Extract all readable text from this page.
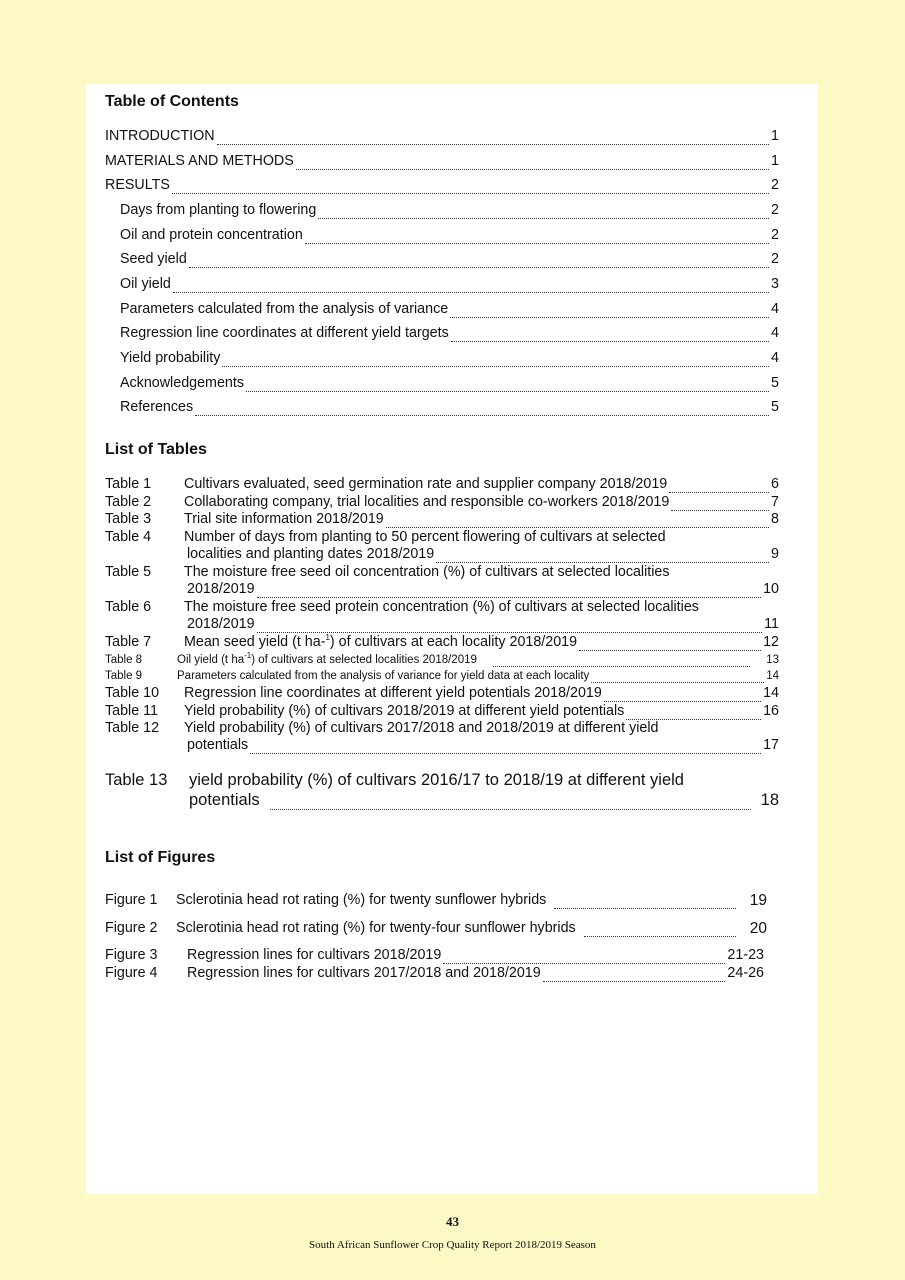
Table of Contents
INTRODUCTION	1
MATERIALS AND METHODS	1
RESULTS	2
Days from planting to flowering	2
Oil and protein concentration	2
Seed yield	2
Oil yield	3
Parameters calculated from the analysis of variance	4
Regression line coordinates at different yield targets	4
Yield probability	4
Acknowledgements	5
References	5
List of Tables
Table 1	Cultivars evaluated, seed germination rate and supplier company 2018/2019	6
Table 2	Collaborating company, trial localities and responsible co-workers 2018/2019	7
Table 3	Trial site information 2018/2019	8
Table 4	Number of days from planting to 50 percent flowering of cultivars at selected
localities and planting dates 2018/2019	9
Table 5	The moisture free seed oil concentration (%) of cultivars at selected localities
2018/2019	10
Table 6	The moisture free seed protein concentration (%) of cultivars at selected localities
2018/2019	11
Table 7	Mean seed yield (t ha-$^1$) of cultivars at each locality 2018/2019	12
Table 8	Oil yield (t $ha^{-1}$) of cultivars at selected localities 2018/2019	13
Table 9	Parameters calculated from the analysis of variance for yield data at each locality	14
Table 10	Regression line coordinates at different yield potentials 2018/2019	14
Table 11	Yield probability (%) of cultivars 2018/2019 at different yield potentials	16
Table 12	Yield probability (%) of cultivars 2017/2018 and 2018/2019 at different yield
potentials	17
Table 13	yield probability (%) of cultivars 2016/17 to 2018/19 at different yield
potentials	18
List of Figures
Figure 1	Sclerotinia head rot rating (%) for twenty sunflower hybrids	19
Figure 2	Sclerotinia head rot rating (%) for twenty-four sunflower hybrids	20
Figure 3	Regression lines for cultivars 2018/2019	21-23
Figure 4	Regression lines for cultivars 2017/2018 and 2018/2019	24-26
43
South African Sunflower Crop Quality Report 2018/2019 Season
